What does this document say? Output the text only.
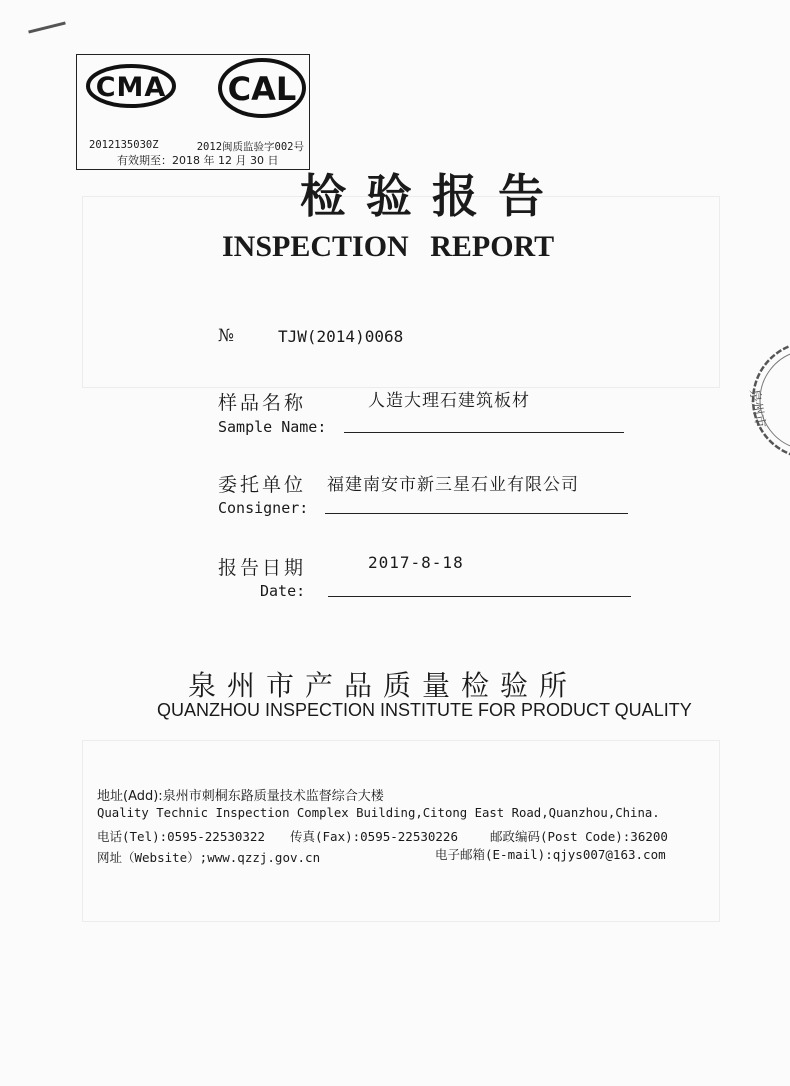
CMA CAL
2012135030Z	2012闽质监验字002号
有效期至：2018 年 12 月 30 日
检验报告
INSPECTION REPORT
№	TJW(2014)0068
样品名称	人造大理石建筑板材
Sample Name:
委托单位 福建南安市新三星石业有限公司
Consigner:
报告日期	2017-8-18
Date:
泉州市产品质量检验所
QUANZHOU INSPECTION INSTITUTE FOR PRODUCT QUALITY
地址(Add):泉州市刺桐东路质量技术监督综合大楼
Quality Technic Inspection Complex Building,Citong East Road,Quanzhou,China.
电话(Tel):0595-22530322 传真(Fax):0595-22530226	邮政编码(Post Code):36200
网址（Website）;www.qzzj.gov.cn	电子邮箱(E-mail):qjys007@163.com
泉州市
